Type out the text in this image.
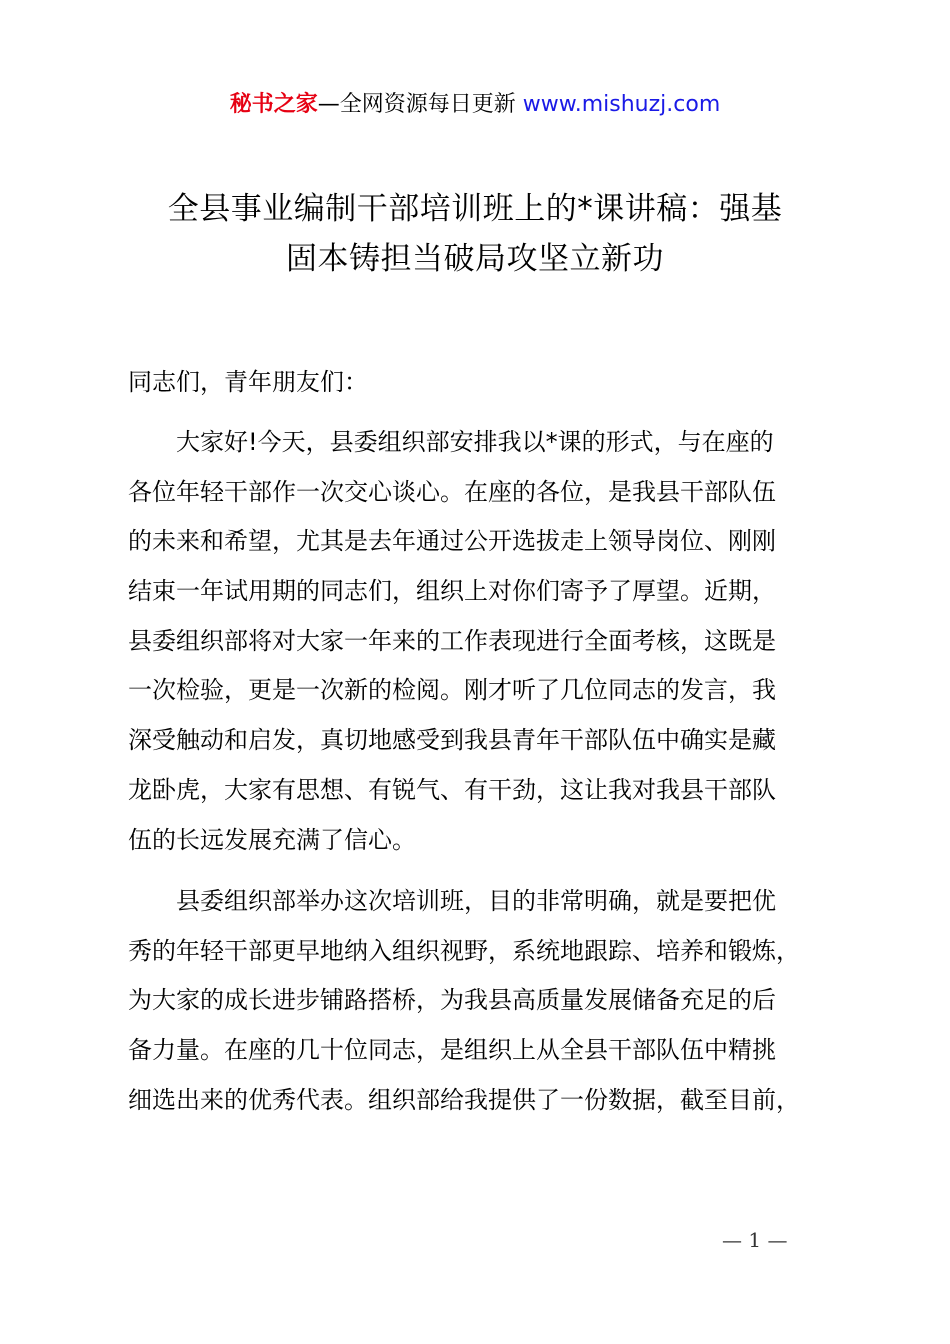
秘书之家—全网资源每日更新 www.mishuzj.com
全县事业编制干部培训班上的*课讲稿：强基
固本铸担当破局攻坚立新功
同志们，青年朋友们：
　　大家好!今天，县委组织部安排我以*课的形式，与在座的
各位年轻干部作一次交心谈心。在座的各位，是我县干部队伍
的未来和希望，尤其是去年通过公开选拔走上领导岗位、刚刚
结束一年试用期的同志们，组织上对你们寄予了厚望。近期，
县委组织部将对大家一年来的工作表现进行全面考核，这既是
一次检验，更是一次新的检阅。刚才听了几位同志的发言，我
深受触动和启发，真切地感受到我县青年干部队伍中确实是藏
龙卧虎，大家有思想、有锐气、有干劲，这让我对我县干部队
伍的长远发展充满了信心。
　　县委组织部举办这次培训班，目的非常明确，就是要把优
秀的年轻干部更早地纳入组织视野，系统地跟踪、培养和锻炼，
为大家的成长进步铺路搭桥，为我县高质量发展储备充足的后
备力量。在座的几十位同志，是组织上从全县干部队伍中精挑
细选出来的优秀代表。组织部给我提供了一份数据，截至目前，
— 1 —
